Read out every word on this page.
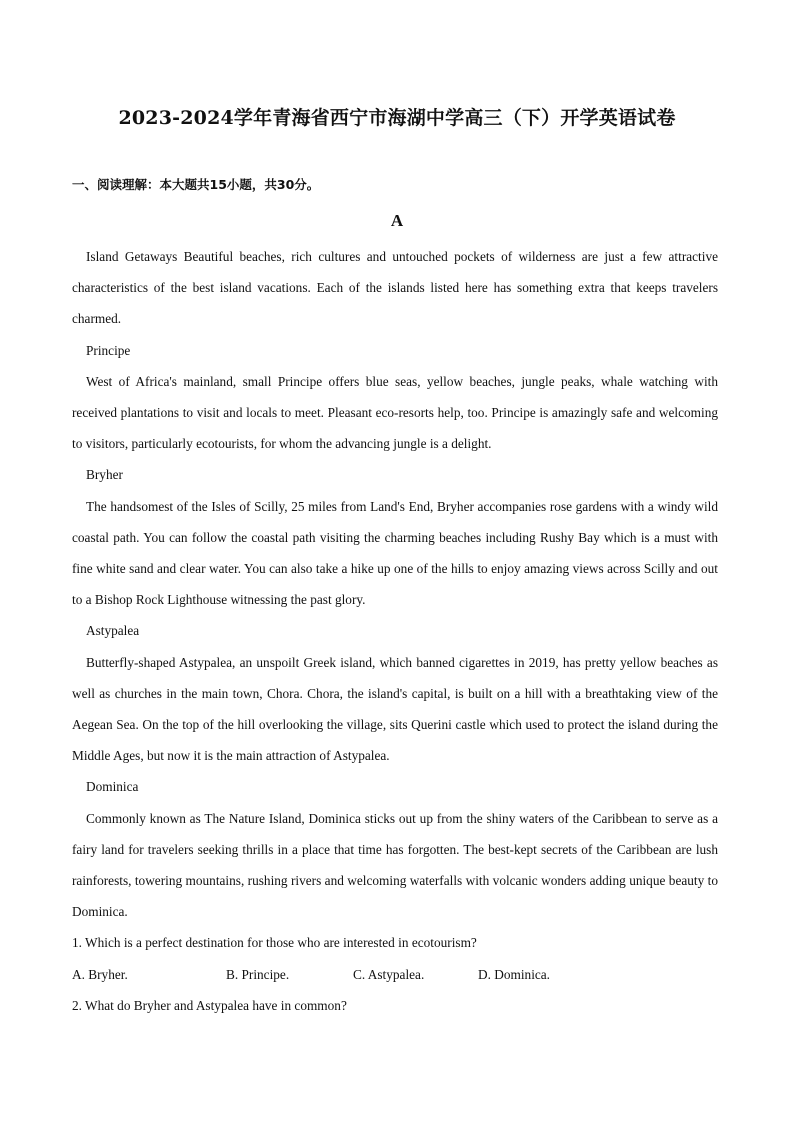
2023-2024学年青海省西宁市海湖中学高三（下）开学英语试卷
一、阅读理解：本大题共15小题，共30分。
A

Island Getaways Beautiful beaches, rich cultures and untouched pockets of wilderness are just a few attractive characteristics of the best island vacations. Each of the islands listed here has something extra that keeps travelers charmed.

Principe

West of Africa's mainland, small Principe offers blue seas, yellow beaches, jungle peaks, whale watching with received plantations to visit and locals to meet. Pleasant eco-resorts help, too. Principe is amazingly safe and welcoming to visitors, particularly ecotourists, for whom the advancing jungle is a delight.

Bryher

The handsomest of the Isles of Scilly, 25 miles from Land's End, Bryher accompanies rose gardens with a windy wild coastal path. You can follow the coastal path visiting the charming beaches including Rushy Bay which is a must with fine white sand and clear water. You can also take a hike up one of the hills to enjoy amazing views across Scilly and out to a Bishop Rock Lighthouse witnessing the past glory.

Astypalea

Butterfly-shaped Astypalea, an unspoilt Greek island, which banned cigarettes in 2019, has pretty yellow beaches as well as churches in the main town, Chora. Chora, the island's capital, is built on a hill with a breathtaking view of the Aegean Sea. On the top of the hill overlooking the village, sits Querini castle which used to protect the island during the Middle Ages, but now it is the main attraction of Astypalea.

Dominica

Commonly known as The Nature Island, Dominica sticks out up from the shiny waters of the Caribbean to serve as a fairy land for travelers seeking thrills in a place that time has forgotten. The best-kept secrets of the Caribbean are lush rainforests, towering mountains, rushing rivers and welcoming waterfalls with volcanic wonders adding unique beauty to Dominica.

1. Which is a perfect destination for those who are interested in ecotourism?

A. Bryher.	B. Principe.	C. Astypalea.	D. Dominica.

2. What do Bryher and Astypalea have in common?
